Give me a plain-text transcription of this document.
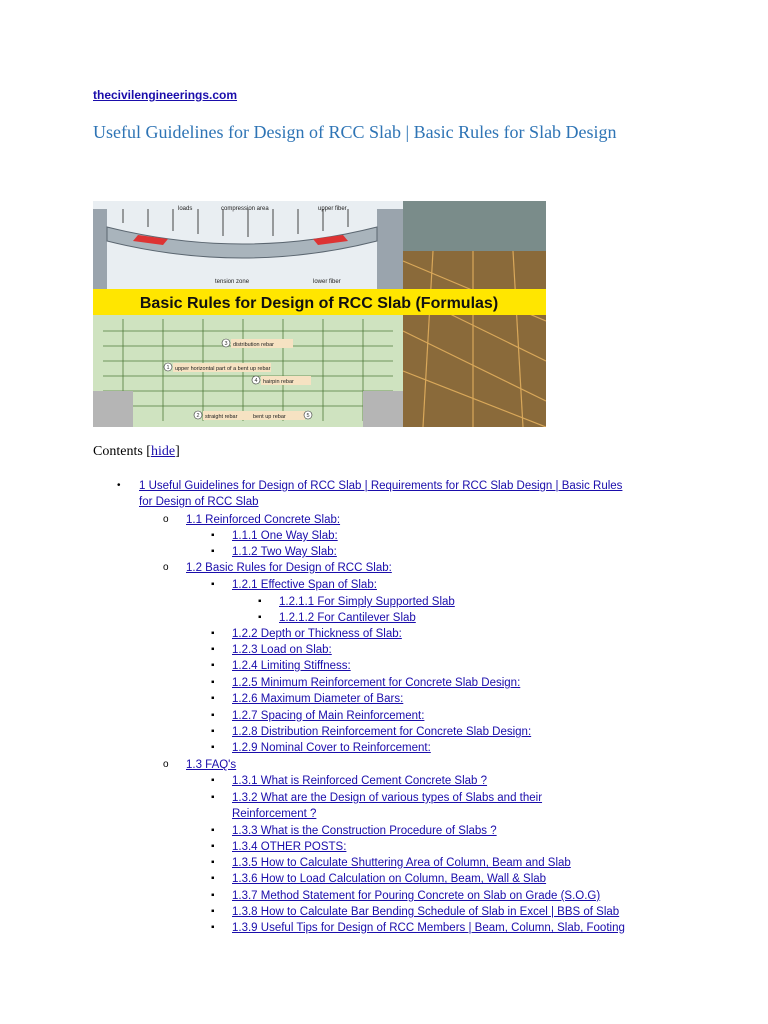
thecivilengineerings.com
Useful Guidelines for Design of RCC Slab | Basic Rules for Slab Design
loads	compression area	upper fiber
tension zone	lower fiber
Basic Rules for Design of RCC Slab (Formulas)
distribution rebar
upper horizontal part of a bent up rebar
hairpin rebar
straight rebar	bent up rebar
3
1
4
2	5
Contents [hide]
• 1 Useful Guidelines for Design of RCC Slab | Requirements for RCC Slab Design | Basic Rules
for Design of RCC Slab
o 1.1 Reinforced Concrete Slab:
▪ 1.1.1 One Way Slab:
▪ 1.1.2 Two Way Slab:
o 1.2 Basic Rules for Design of RCC Slab:
▪ 1.2.1 Effective Span of Slab:
▪ 1.2.1.1 For Simply Supported Slab
▪ 1.2.1.2 For Cantilever Slab
▪ 1.2.2 Depth or Thickness of Slab:
▪ 1.2.3 Load on Slab:
▪ 1.2.4 Limiting Stiffness:
▪ 1.2.5 Minimum Reinforcement for Concrete Slab Design:
▪ 1.2.6 Maximum Diameter of Bars:
▪ 1.2.7 Spacing of Main Reinforcement:
▪ 1.2.8 Distribution Reinforcement for Concrete Slab Design:
▪ 1.2.9 Nominal Cover to Reinforcement:
o 1.3 FAQ's
▪ 1.3.1 What is Reinforced Cement Concrete Slab ?
▪ 1.3.2 What are the Design of various types of Slabs and their
Reinforcement ?
▪ 1.3.3 What is the Construction Procedure of Slabs ?
▪ 1.3.4 OTHER POSTS:
▪ 1.3.5 How to Calculate Shuttering Area of Column, Beam and Slab
▪ 1.3.6 How to Load Calculation on Column, Beam, Wall & Slab
▪ 1.3.7 Method Statement for Pouring Concrete on Slab on Grade (S.O.G)
▪ 1.3.8 How to Calculate Bar Bending Schedule of Slab in Excel | BBS of Slab
▪ 1.3.9 Useful Tips for Design of RCC Members | Beam, Column, Slab, Footing
